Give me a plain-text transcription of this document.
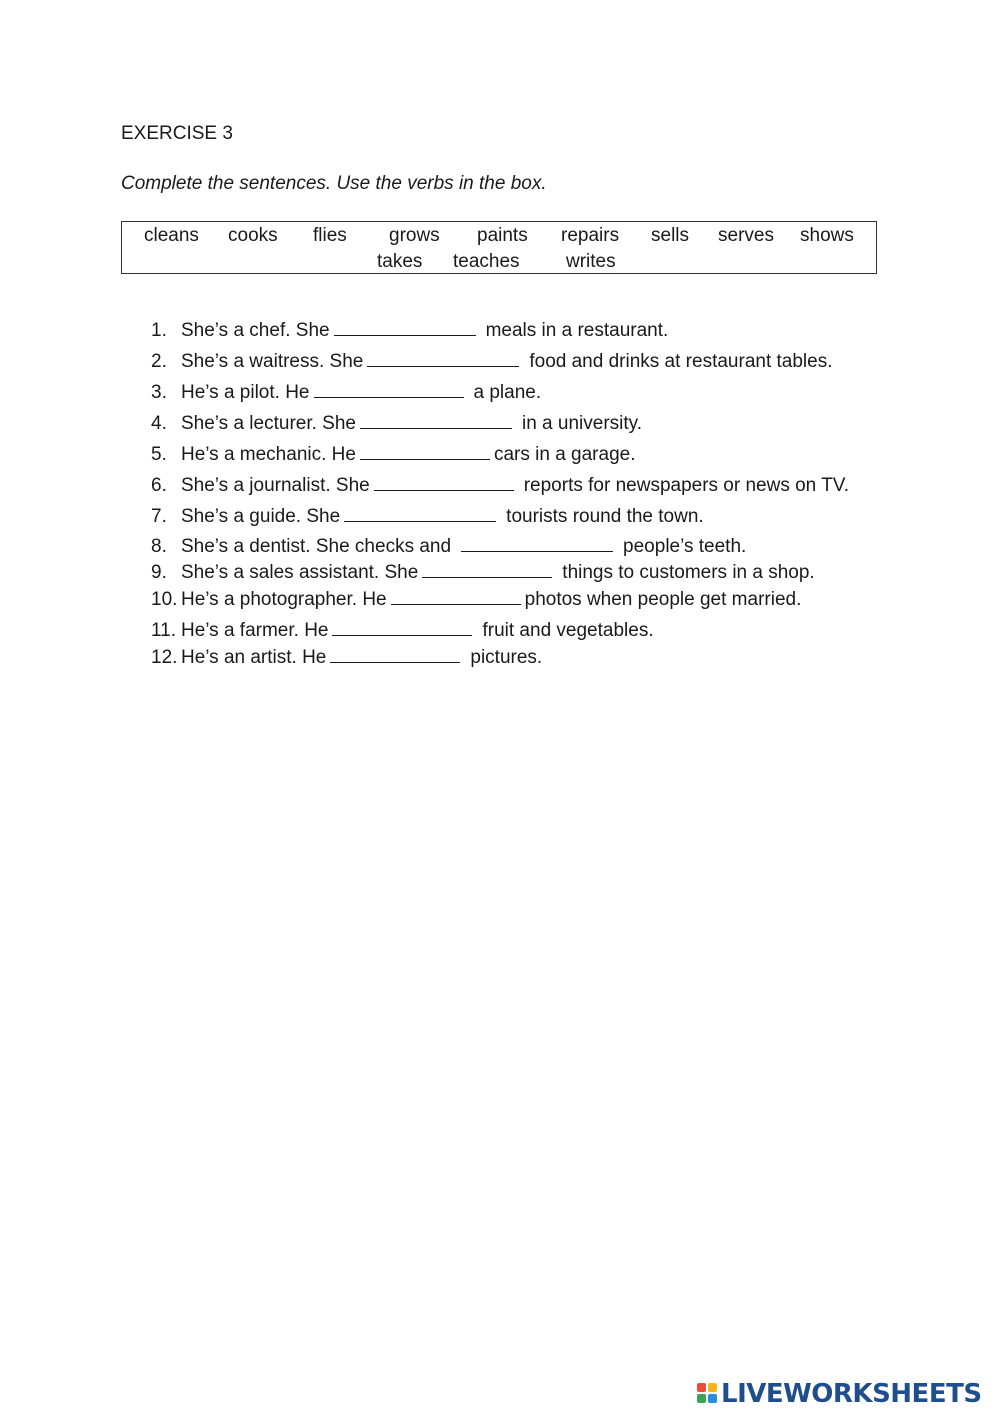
EXERCISE 3
Complete the sentences. Use the verbs in the box.
cleans cooks flies grows paints repairs sells serves shows
takes teaches writes
1. She’s a chef. She	meals in a restaurant.
2. She’s a waitress. She	food and drinks at restaurant tables.
3. He’s a pilot. He	a plane.
4. She’s a lecturer. She	in a university.
5. He’s a mechanic. He	cars in a garage.
6. She’s a journalist. She	reports for newspapers or news on TV.
7. She’s a guide. She	tourists round the town.
8. She’s a dentist. She checks and	people’s teeth.
9. She’s a sales assistant. She	things to customers in a shop.
10. He’s a photographer. He	photos when people get married.
11. He’s a farmer. He	fruit and vegetables.
12. He’s an artist. He	pictures.
LIVEWORKSHEETS
